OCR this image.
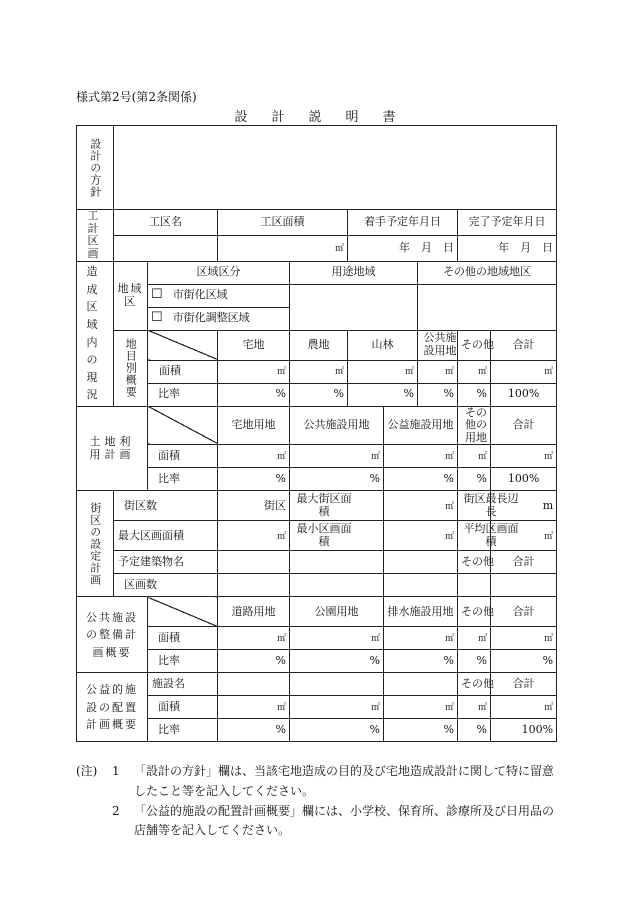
様式第2号(第2条関係)
設計説明書
設計の方針									

工計区画	工区名		工区面積		着手予定年月日			完了予定年月日	
			㎡		年　月　日			年　月　日	
造成区域内の現況	地域区	区域区分		用途地域			その他の地域地区		
		☐ 市街化区域							
		☐ 市街化調整区域							

	地目別概要		宅地	農地	山林		公共施設用地	その他	合計

		面積	㎡	㎡	㎡		㎡	㎡	㎡
		比率	%	%	%		%	%	100%
土地利用計画			宅地用地	公共施設用地		公益施設用地		その他の用地	合計
		面積	㎡	㎡		㎡		㎡	㎡
		比率	%	%		%		%	100%

街区の設定計画	街区数		街区	最大街区面積		㎡		街区最長辺長	m
	最大区画面積		㎡	最小区画面積		㎡		平均区画面積	㎡
	予定建築物名							その他	合計
	区画数								
公共施設の整備計画概要			道路用地	公園用地		排水施設用地		その他	合計
		面積	㎡	㎡		㎡		㎡	㎡
		比率	%	%		%		%	%
公益的施設の配置計画概要		施設名						その他	合計
		面積	㎡	㎡		㎡		㎡	㎡
		比率	%	%		%		%	100%
(注)	1	「設計の方針」欄は、当該宅地造成の目的及び宅地造成設計に関して特に留意したこと等を記入してください。
2	「公益的施設の配置計画概要」欄には、小学校、保育所、診療所及び日用品の店舗等を記入してください。
